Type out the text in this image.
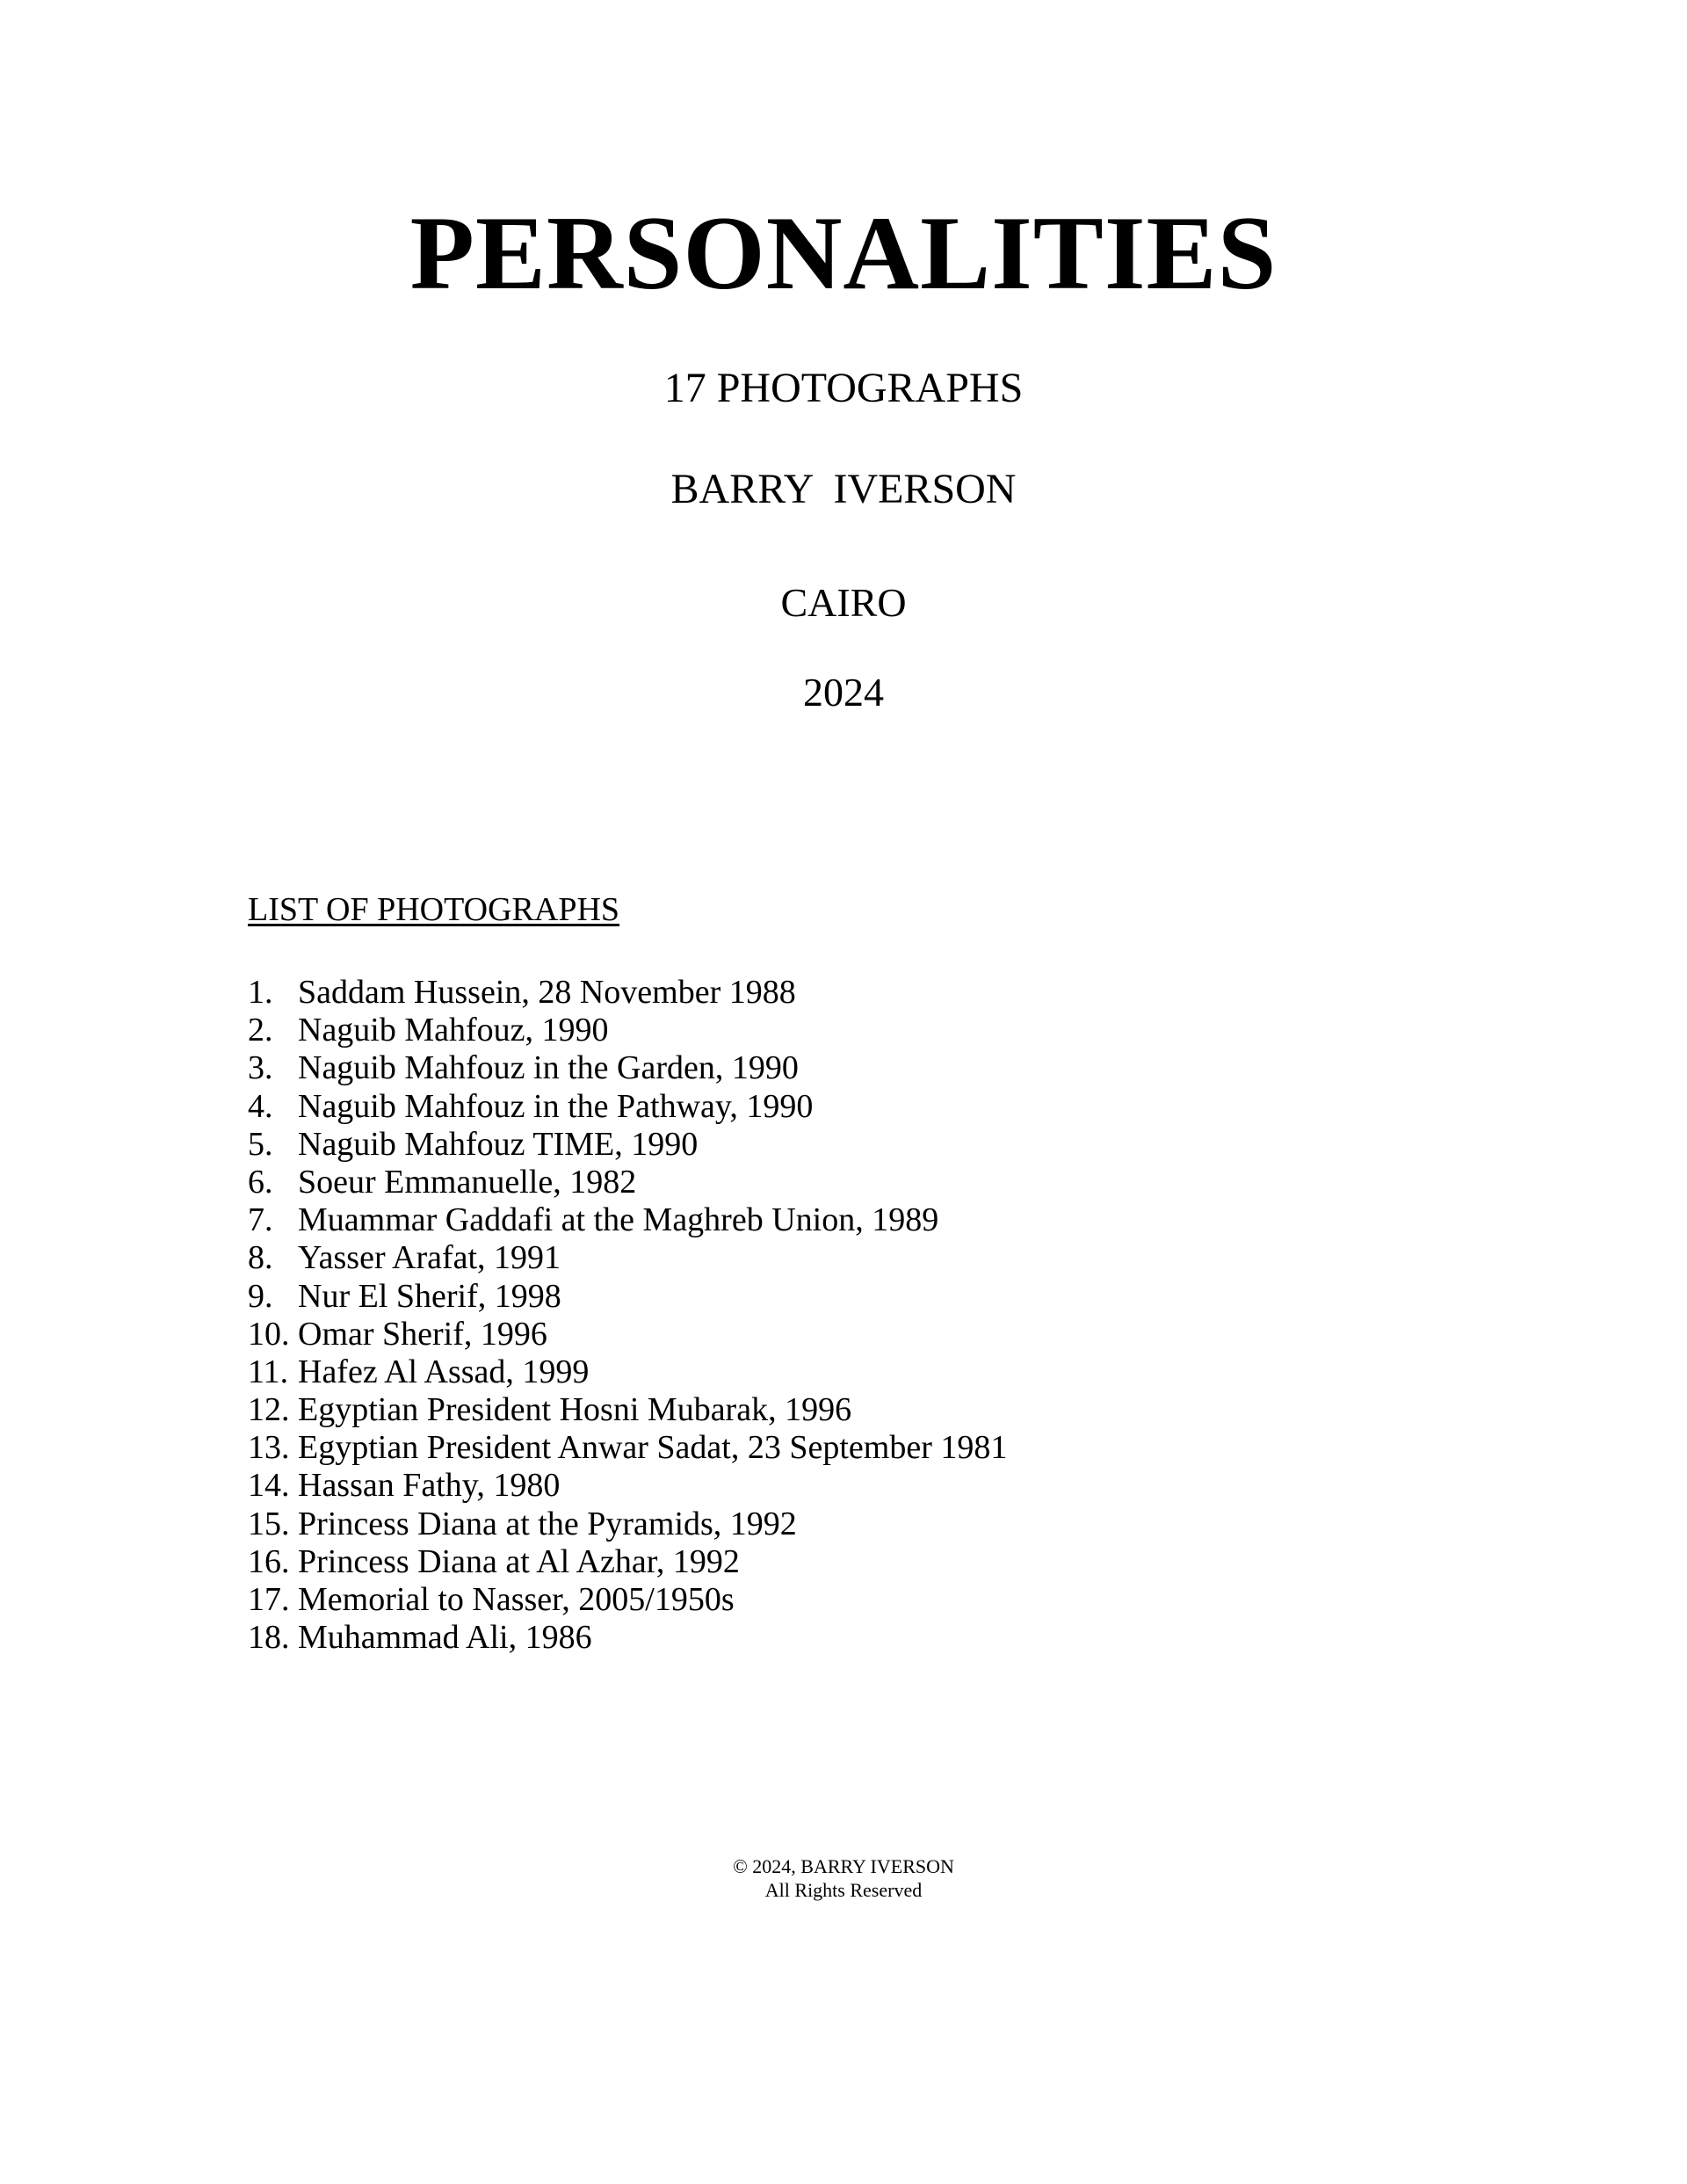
PERSONALITIES
17 PHOTOGRAPHS
BARRY IVERSON
CAIRO
2024
LIST OF PHOTOGRAPHS
1. Saddam Hussein, 28 November 1988
2. Naguib Mahfouz, 1990
3. Naguib Mahfouz in the Garden, 1990
4. Naguib Mahfouz in the Pathway, 1990
5. Naguib Mahfouz TIME, 1990
6. Soeur Emmanuelle, 1982
7. Muammar Gaddafi at the Maghreb Union, 1989
8. Yasser Arafat, 1991
9. Nur El Sherif, 1998
10. Omar Sherif, 1996
11. Hafez Al Assad, 1999
12. Egyptian President Hosni Mubarak, 1996
13. Egyptian President Anwar Sadat, 23 September 1981
14. Hassan Fathy, 1980
15. Princess Diana at the Pyramids, 1992
16. Princess Diana at Al Azhar, 1992
17. Memorial to Nasser, 2005/1950s
18. Muhammad Ali, 1986
© 2024, BARRY IVERSON
All Rights Reserved
